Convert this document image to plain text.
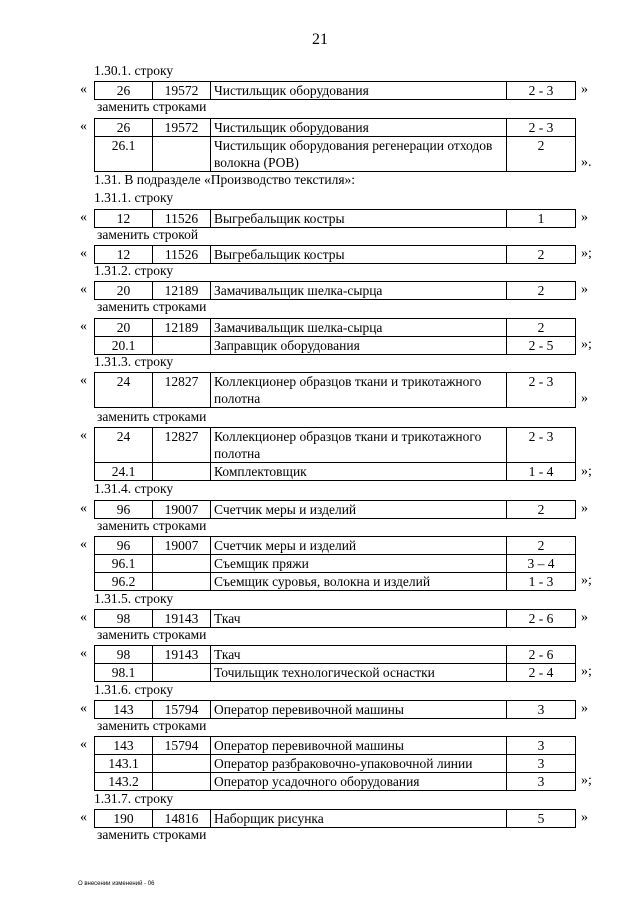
21
1.30.1. строку
« 26	19572	Чистильщик оборудования	2 - 3 »
заменить строками
« 26	19572	Чистильщик оборудования	2 - 3
26.1		Чистильщик оборудования регенерации отходов волокна (РОВ)	2
».
1.31. В подразделе «Производство текстиля»:
1.31.1. строку
« 12	11526	Выгребальщик костры	1	»
заменить строкой
« 12	11526	Выгребальщик костры	2	»;
1.31.2. строку
« 20	12189	Замачивальщик шелка-сырца	2	»
заменить строками
« 20	12189	Замачивальщик шелка-сырца	2
20.1		Заправщик оборудования	2 - 5 »;
1.31.3. строку
« 24	12827	Коллекционер образцов ткани и трикотажного полотна	2 - 3
»
заменить строками
« 24	12827	Коллекционер образцов ткани и трикотажного полотна	2 - 3
24.1		Комплектовщик	1 - 4 »;
1.31.4. строку
« 96	19007	Счетчик меры и изделий	2	»
заменить строками
« 96	19007	Счетчик меры и изделий	2
96.1		Съемщик пряжи	3 – 4
96.2		Съемщик суровья, волокна и изделий	1 - 3 »;
1.31.5. строку
« 98	19143	Ткач	2 - 6 »
заменить строками
« 98	19143	Ткач	2 - 6
98.1		Точильщик технологической оснастки	2 - 4 »;
1.31.6. строку
« 143	15794	Оператор перевивочной машины	3	»
заменить строками
« 143	15794	Оператор перевивочной машины	3
143.1		Оператор разбраковочно-упаковочной линии	3
143.2		Оператор усадочного оборудования	3	»;
1.31.7. строку
« 190	14816	Наборщик рисунка	5	»
заменить строками
О внесении изменений - 06
